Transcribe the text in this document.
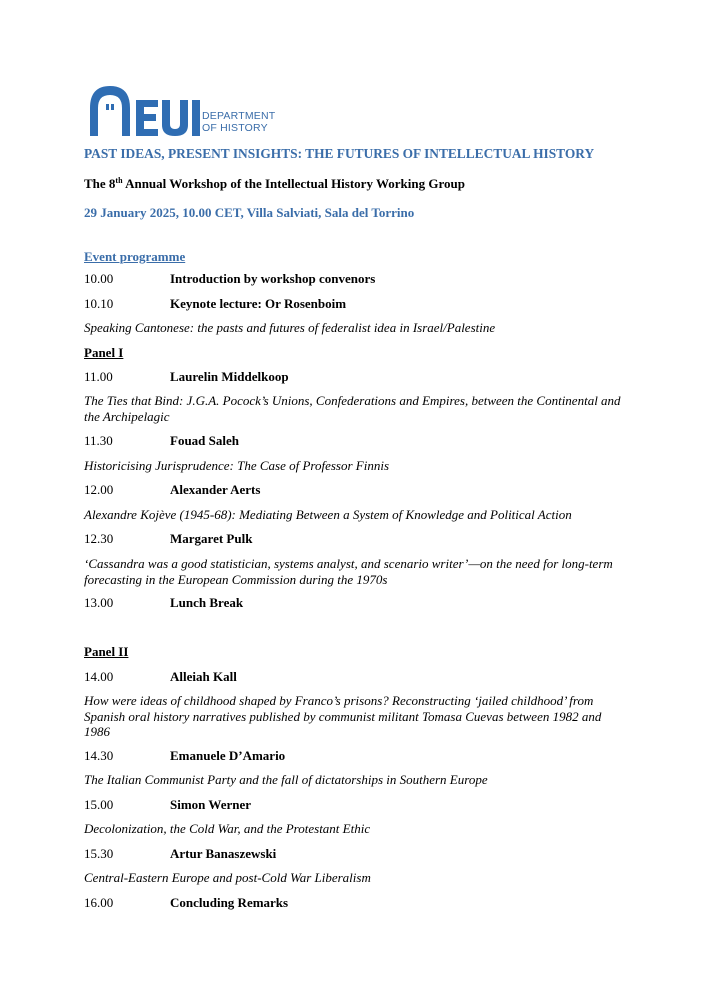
DEPARTMENT
OF HISTORY
PAST IDEAS, PRESENT INSIGHTS: THE FUTURES OF INTELLECTUAL HISTORY
The 8th Annual Workshop of the Intellectual History Working Group
29 January 2025, 10.00 CET, Villa Salviati, Sala del Torrino
Event programme
10.00	Introduction by workshop convenors
10.10	Keynote lecture: Or Rosenboim
Speaking Cantonese: the pasts and futures of federalist idea in Israel/Palestine
Panel I
11.00	Laurelin Middelkoop
The Ties that Bind: J.G.A. Pocock’s Unions, Confederations and Empires, between the Continental and the Archipelagic
11.30	Fouad Saleh
Historicising Jurisprudence: The Case of Professor Finnis
12.00	Alexander Aerts
Alexandre Kojève (1945-68): Mediating Between a System of Knowledge and Political Action
12.30	Margaret Pulk
‘Cassandra was a good statistician, systems analyst, and scenario writer’—on the need for long-term forecasting in the European Commission during the 1970s
13.00	Lunch Break
Panel II
14.00	Alleiah Kall
How were ideas of childhood shaped by Franco’s prisons? Reconstructing ‘jailed childhood’ from Spanish oral history narratives published by communist militant Tomasa Cuevas between 1982 and 1986
14.30	Emanuele D’Amario
The Italian Communist Party and the fall of dictatorships in Southern Europe
15.00	Simon Werner
Decolonization, the Cold War, and the Protestant Ethic
15.30	Artur Banaszewski
Central-Eastern Europe and post-Cold War Liberalism
16.00	Concluding Remarks
